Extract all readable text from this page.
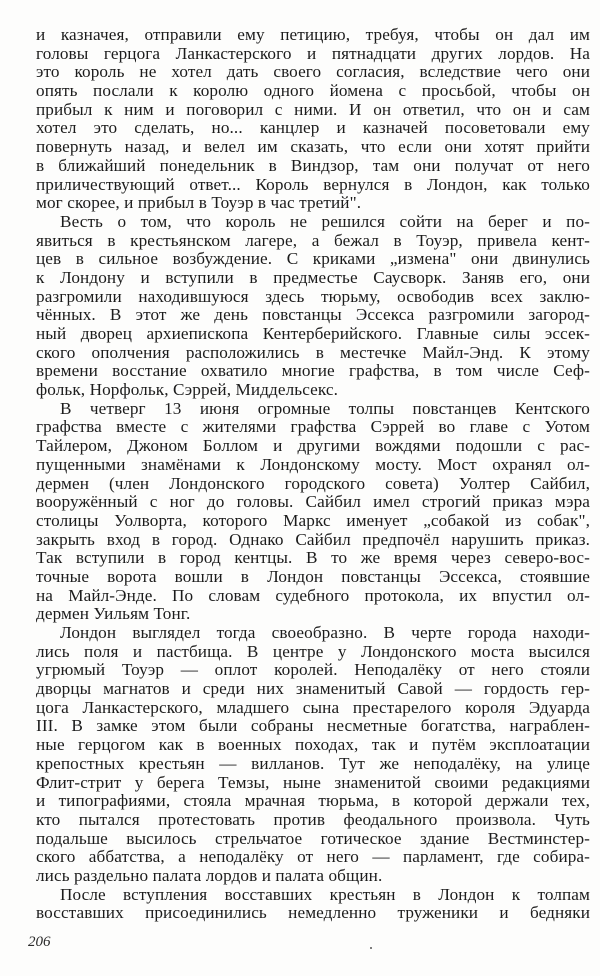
и казначея, отправили ему петицию, требуя, чтобы он дал им
головы герцога Ланкастерского и пятнадцати других лордов. На
это король не хотел дать своего согласия, вследствие чего они
опять послали к королю одного йомена с просьбой, чтобы он
прибыл к ним и поговорил с ними. И он ответил, что он и сам
хотел это сделать, но... канцлер и казначей посоветовали ему
повернуть назад, и велел им сказать, что если они хотят прийти
в ближайший понедельник в Виндзор, там они получат от него
приличествующий ответ... Король вернулся в Лондон, как только
мог скорее, и прибыл в Тоуэр в час третий".
Весть о том, что король не решился сойти на берег и по-
явиться в крестьянском лагере, а бежал в Тоуэр, привела кент-
цев в сильное возбуждение. С криками „измена" они двинулись
к Лондону и вступили в предместье Саусворк. Заняв его, они
разгромили находившуюся здесь тюрьму, освободив всех заклю-
чённых. В этот же день повстанцы Эссекса разгромили загород-
ный дворец архиепископа Кентерберийского. Главные силы эссек-
ского ополчения расположились в местечке Майл-Энд. К этому
времени восстание охватило многие графства, в том числе Сеф-
фольк, Норфольк, Сэррей, Миддельсекс.
В четверг 13 июня огромные толпы повстанцев Кентского
графства вместе с жителями графства Сэррей во главе с Уотом
Тайлером, Джоном Боллом и другими вождями подошли с рас-
пущенными знамёнами к Лондонскому мосту. Мост охранял ол-
дермен (член Лондонского городского совета) Уолтер Сайбил,
вооружённый с ног до головы. Сайбил имел строгий приказ мэра
столицы Уолворта, которого Маркс именует „собакой из собак",
закрыть вход в город. Однако Сайбил предпочёл нарушить приказ.
Так вступили в город кентцы. В то же время через северо-вос-
точные ворота вошли в Лондон повстанцы Эссекса, стоявшие
на Майл-Энде. По словам судебного протокола, их впустил ол-
дермен Уильям Тонг.
Лондон выглядел тогда своеобразно. В черте города находи-
лись поля и пастбища. В центре у Лондонского моста высился
угрюмый Тоуэр — оплот королей. Неподалёку от него стояли
дворцы магнатов и среди них знаменитый Савой — гордость гер-
цога Ланкастерского, младшего сына престарелого короля Эдуарда
III. В замке этом были собраны несметные богатства, награблен-
ные герцогом как в военных походах, так и путём эксплоатации
крепостных крестьян — вилланов. Тут же неподалёку, на улице
Флит-стрит у берега Темзы, ныне знаменитой своими редакциями
и типографиями, стояла мрачная тюрьма, в которой держали тех,
кто пытался протестовать против феодального произвола. Чуть
подальше высилось стрельчатое готическое здание Вестминстер-
ского аббатства, а неподалёку от него — парламент, где собира-
лись раздельно палата лордов и палата общин.
После вступления восставших крестьян в Лондон к толпам
восставших присоединились немедленно труженики и бедняки
206
